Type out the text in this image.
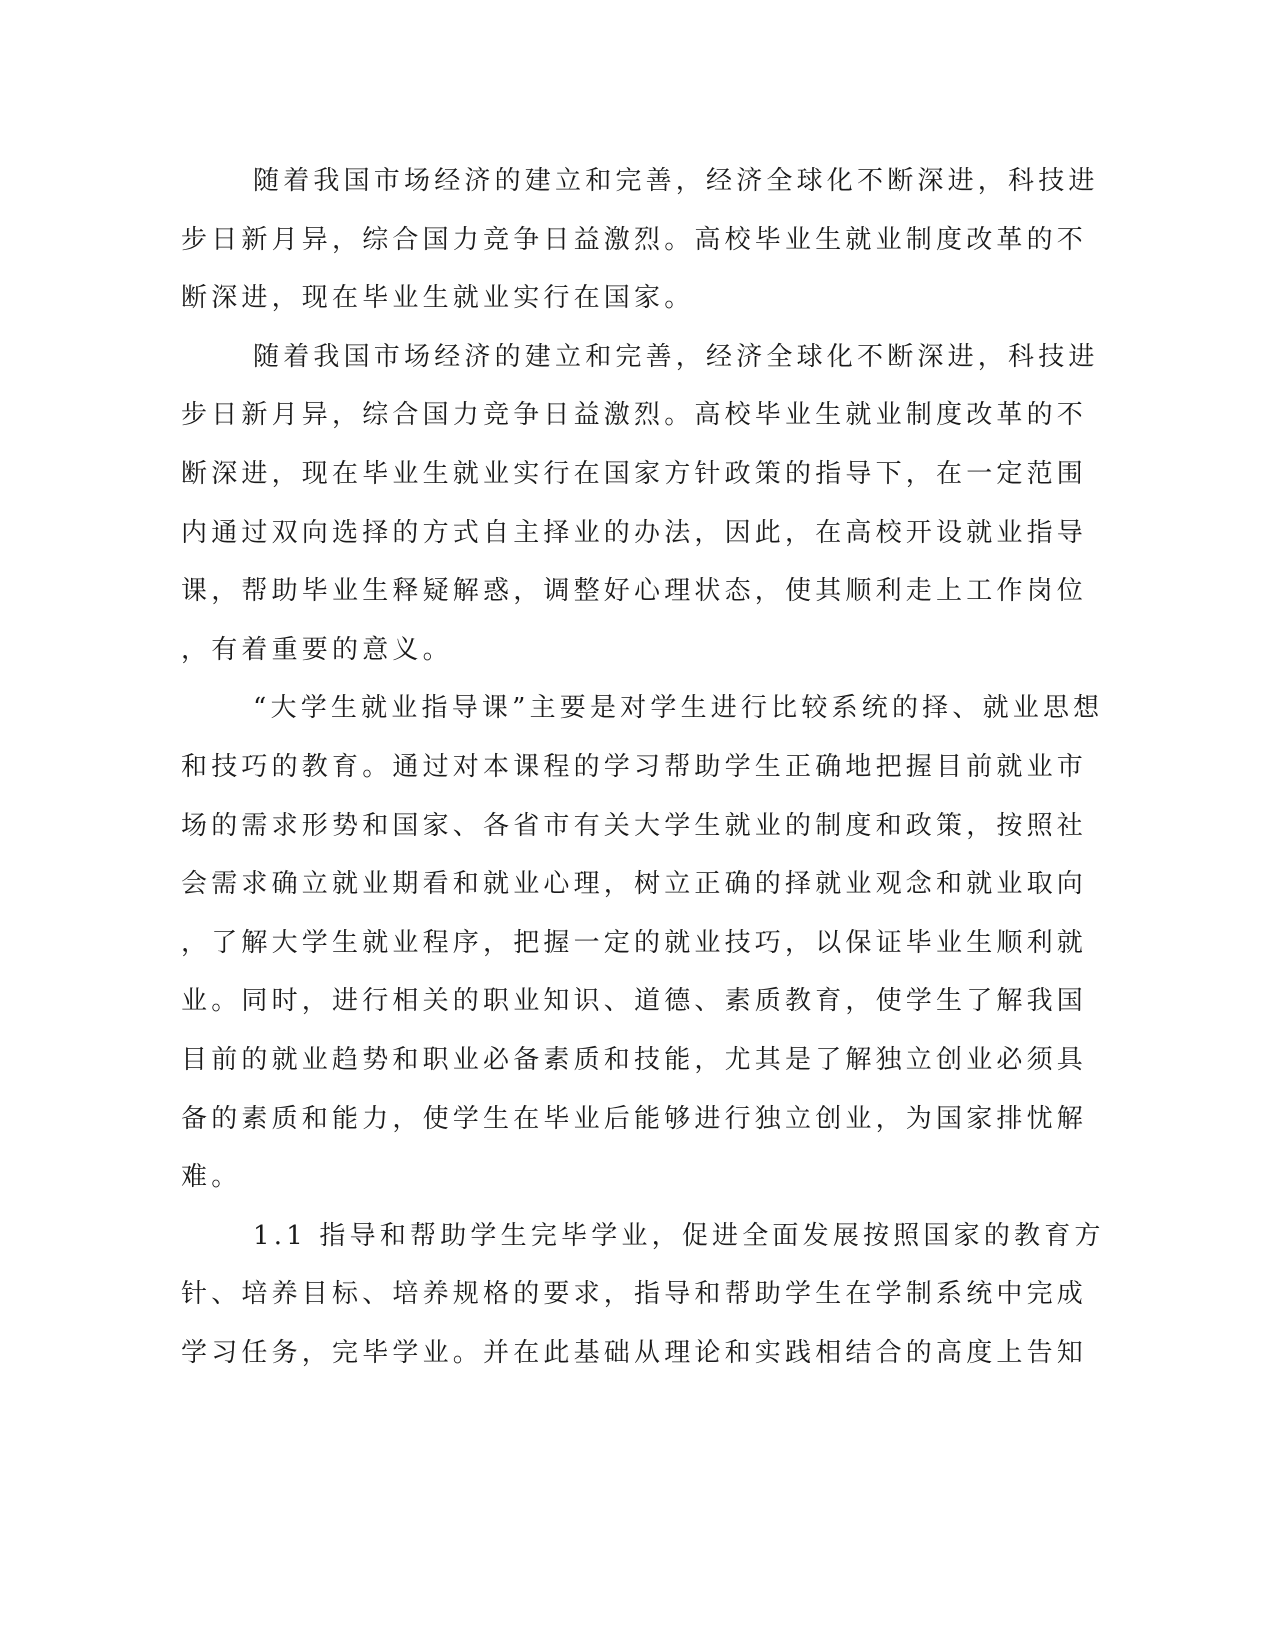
随着我国市场经济的建立和完善，经济全球化不断深进，科技进
步日新月异，综合国力竞争日益激烈。高校毕业生就业制度改革的不
断深进，现在毕业生就业实行在国家。
随着我国市场经济的建立和完善，经济全球化不断深进，科技进
步日新月异，综合国力竞争日益激烈。高校毕业生就业制度改革的不
断深进，现在毕业生就业实行在国家方针政策的指导下，在一定范围
内通过双向选择的方式自主择业的办法，因此，在高校开设就业指导
课，帮助毕业生释疑解惑，调整好心理状态，使其顺利走上工作岗位
，有着重要的意义。
“大学生就业指导课”主要是对学生进行比较系统的择、就业思想
和技巧的教育。通过对本课程的学习帮助学生正确地把握目前就业市
场的需求形势和国家、各省市有关大学生就业的制度和政策，按照社
会需求确立就业期看和就业心理，树立正确的择就业观念和就业取向
，了解大学生就业程序，把握一定的就业技巧，以保证毕业生顺利就
业。同时，进行相关的职业知识、道德、素质教育，使学生了解我国
目前的就业趋势和职业必备素质和技能，尤其是了解独立创业必须具
备的素质和能力，使学生在毕业后能够进行独立创业，为国家排忧解
难。
1.1 指导和帮助学生完毕学业，促进全面发展按照国家的教育方
针、培养目标、培养规格的要求，指导和帮助学生在学制系统中完成
学习任务，完毕学业。并在此基础从理论和实践相结合的高度上告知
